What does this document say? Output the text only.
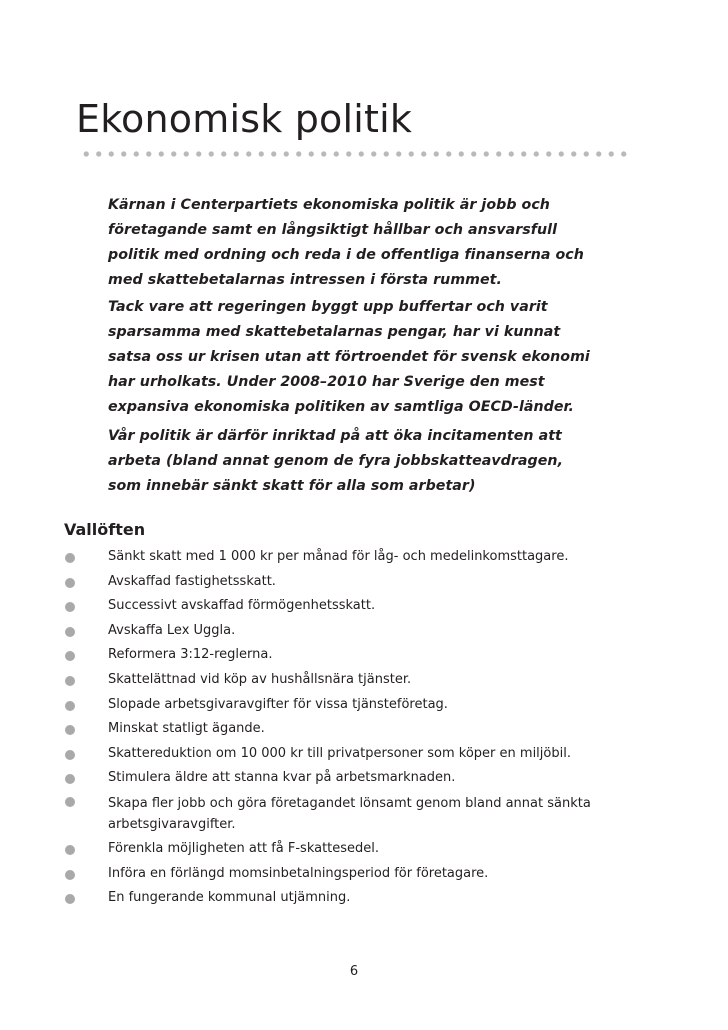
Ekonomisk politik

Kärnan i Centerpartiets ekonomiska politik är jobb och företagande samt en långsiktigt hållbar och ansvarsfull politik med ordning och reda i de offentliga finanserna och med skattebetalarnas intressen i första rummet.

Tack vare att regeringen byggt upp buffertar och varit sparsamma med skattebetalarnas pengar, har vi kunnat satsa oss ur krisen utan att förtroendet för svensk ekonomi har urholkats. Under 2008–2010 har Sverige den mest expansiva ekonomiska politiken av samtliga OECD-länder.

Vår politik är därför inriktad på att öka incitamenten att arbeta (bland annat genom de fyra jobbskatteavdragen, som innebär sänkt skatt för alla som arbetar)

Vallöften
Sänkt skatt med 1 000 kr per månad för låg- och medelinkomsttagare.
Avskaffad fastighetsskatt.
Successivt avskaffad förmögenhetsskatt.
Avskaffa Lex Uggla.
Reformera 3:12-reglerna.
Skattelättnad vid köp av hushållsnära tjänster.
Slopade arbetsgivaravgifter för vissa tjänsteföretag.
Minskat statligt ägande.
Skattereduktion om 10 000 kr till privatpersoner som köper en miljöbil.
Stimulera äldre att stanna kvar på arbetsmarknaden.
Skapa fler jobb och göra företagandet lönsamt genom bland annat sänkta arbetsgivaravgifter.
Förenkla möjligheten att få F-skattesedel.
Införa en förlängd momsinbetalningsperiod för företagare.
En fungerande kommunal utjämning.
6
